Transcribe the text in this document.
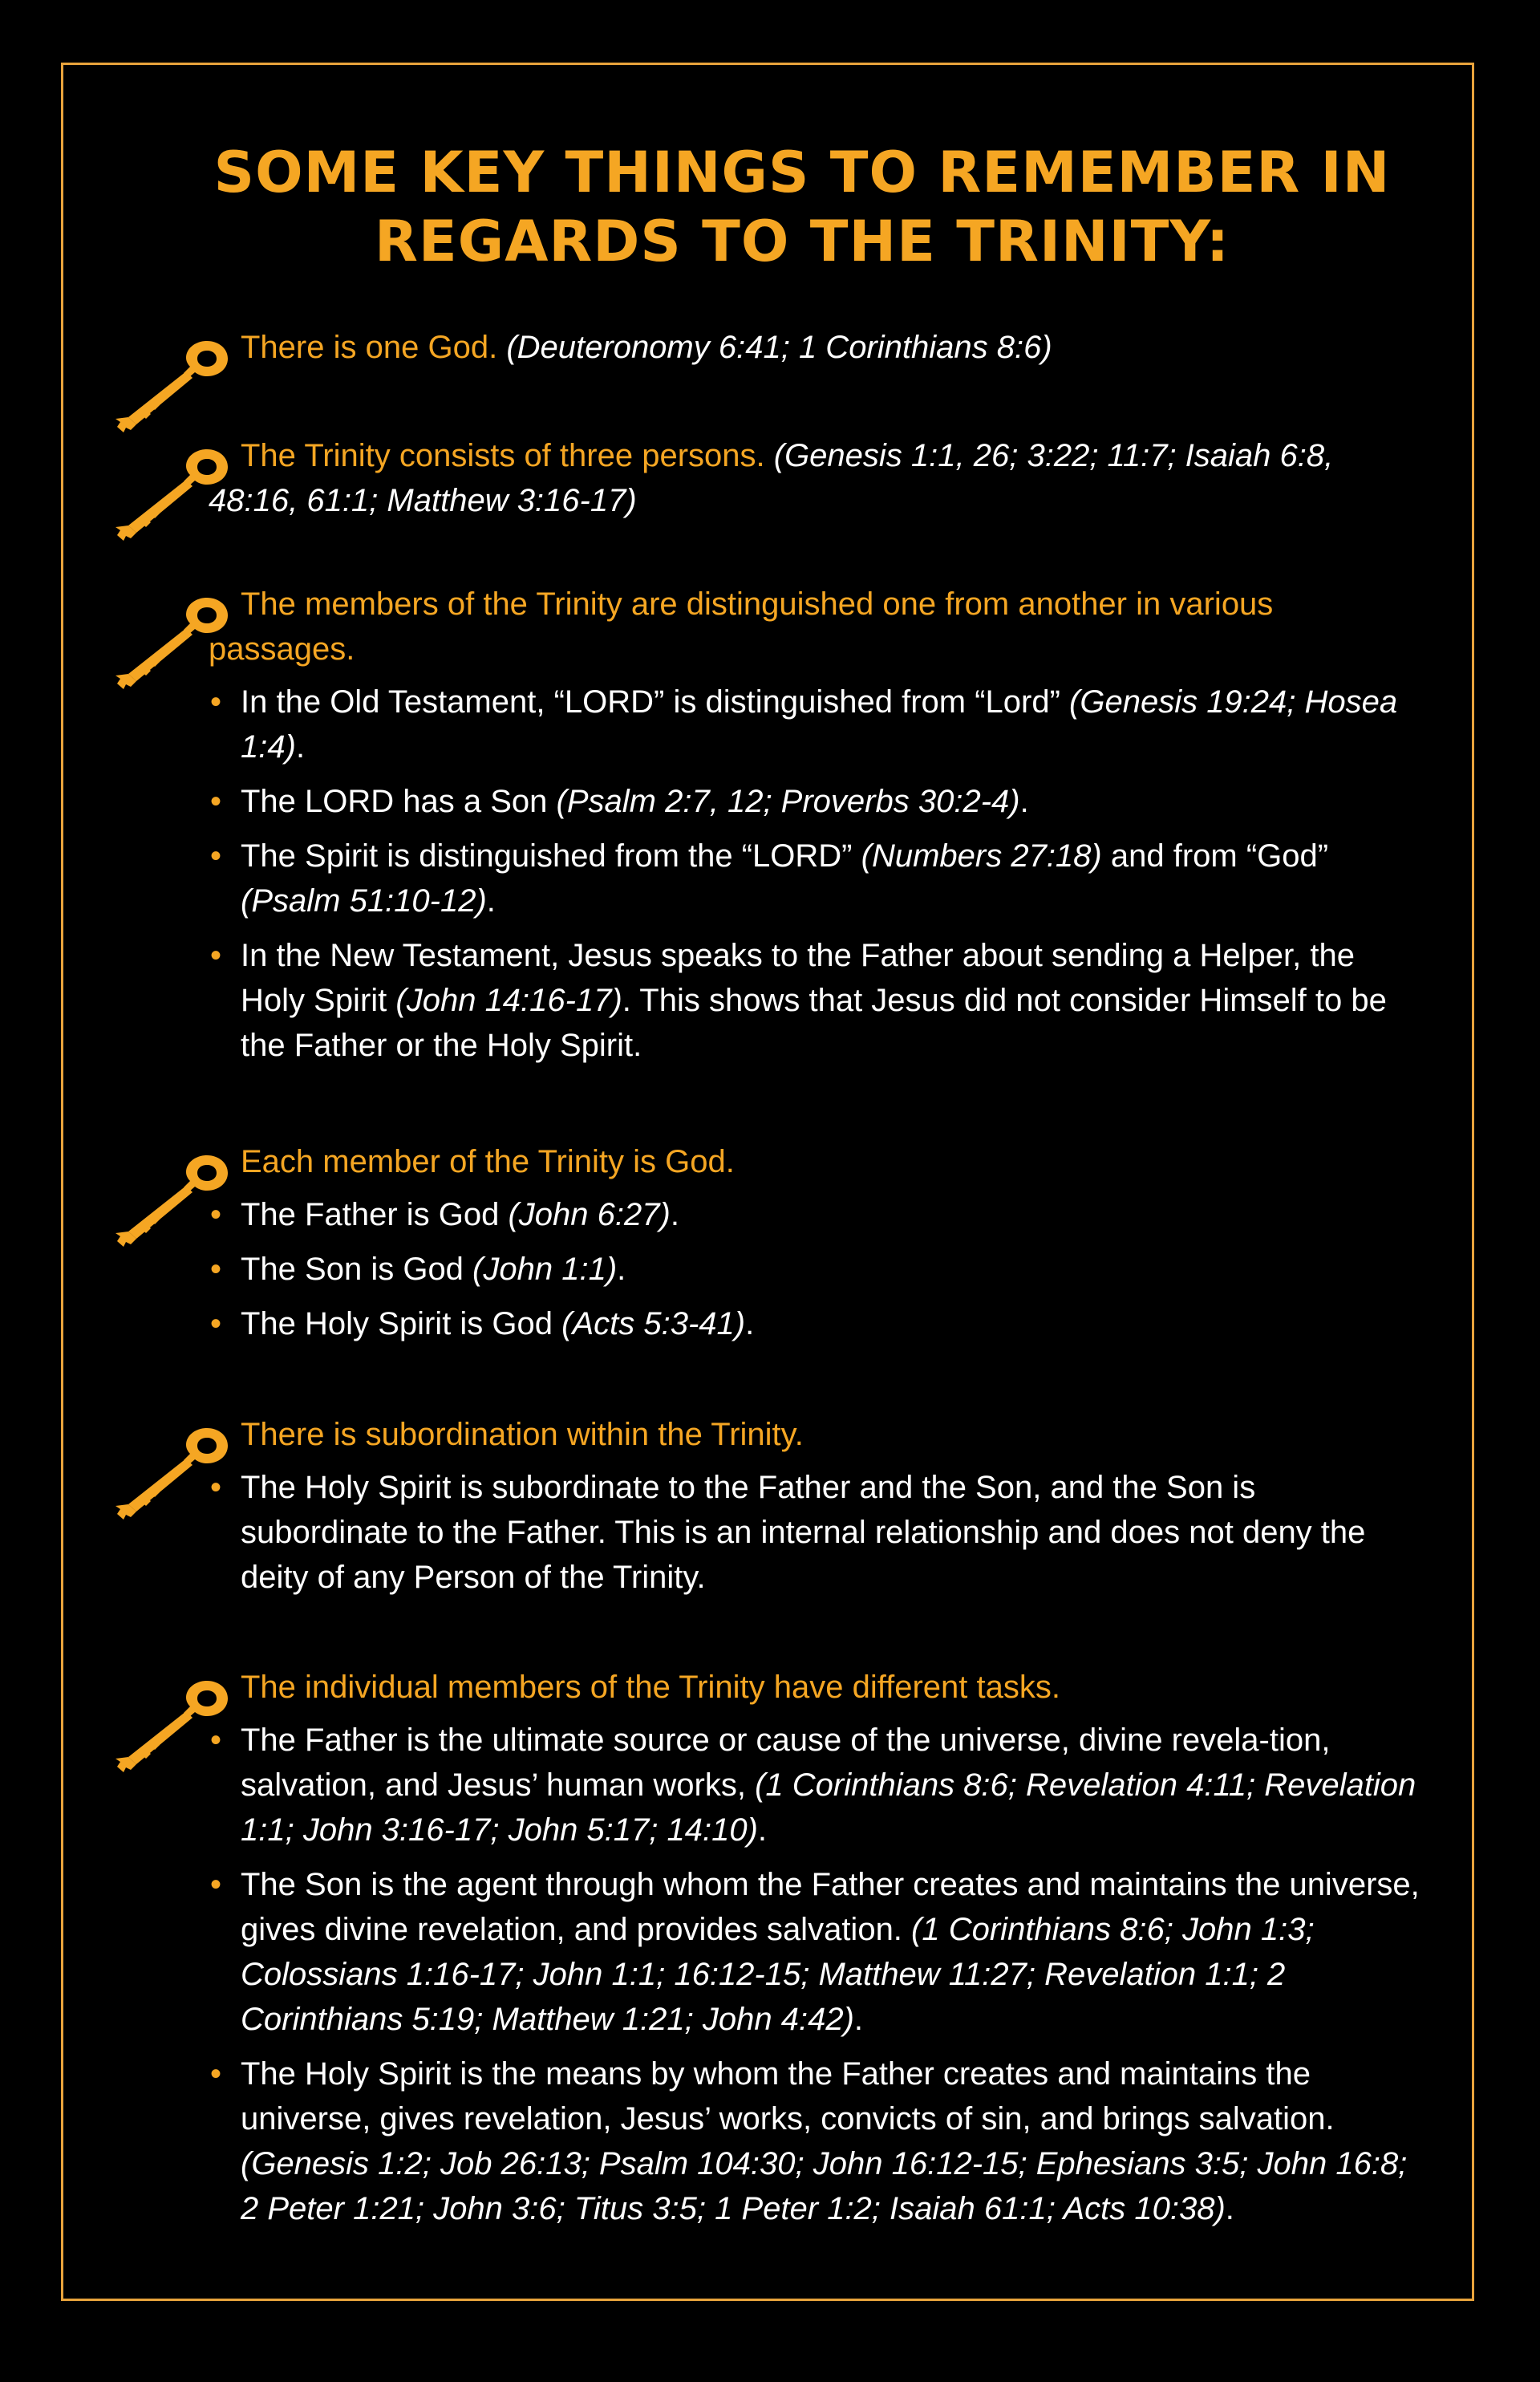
SOME KEY THINGS TO REMEMBER IN REGARDS TO THE TRINITY:

There is one God. (Deuteronomy 6:41; 1 Corinthians 8:6)

The Trinity consists of three persons. (Genesis 1:1, 26; 3:22; 11:7; Isaiah 6:8, 48:16, 61:1; Matthew 3:16-17)

The members of the Trinity are distinguished one from another in various passages.

• In the Old Testament, “LORD” is distinguished from “Lord” (Genesis 19:24; Hosea 1:4).
• The LORD has a Son (Psalm 2:7, 12; Proverbs 30:2-4).
• The Spirit is distinguished from the “LORD” (Numbers 27:18) and from “God” (Psalm 51:10-12).
• In the New Testament, Jesus speaks to the Father about sending a Helper, the Holy Spirit (John 14:16-17). This shows that Jesus did not consider Himself to be the Father or the Holy Spirit.

Each member of the Trinity is God.

• The Father is God (John 6:27).
• The Son is God (John 1:1).
• The Holy Spirit is God (Acts 5:3-41).

There is subordination within the Trinity.

• The Holy Spirit is subordinate to the Father and the Son, and the Son is subordinate to the Father. This is an internal relationship and does not deny the deity of any Person of the Trinity.

The individual members of the Trinity have different tasks.

• The Father is the ultimate source or cause of the universe, divine revela-tion, salvation, and Jesus’ human works, (1 Corinthians 8:6; Revelation 4:11; Revelation 1:1; John 3:16-17; John 5:17; 14:10).
• The Son is the agent through whom the Father creates and maintains the universe, gives divine revelation, and provides salvation. (1 Corinthians 8:6; John 1:3; Colossians 1:16-17; John 1:1; 16:12-15; Matthew 11:27; Revelation 1:1; 2 Corinthians 5:19; Matthew 1:21; John 4:42).
• The Holy Spirit is the means by whom the Father creates and maintains the universe, gives revelation, Jesus’ works, convicts of sin, and brings salvation. (Genesis 1:2; Job 26:13; Psalm 104:30; John 16:12-15; Ephesians 3:5; John 16:8; 2 Peter 1:21; John 3:6; Titus 3:5; 1 Peter 1:2; Isaiah 61:1; Acts 10:38).
